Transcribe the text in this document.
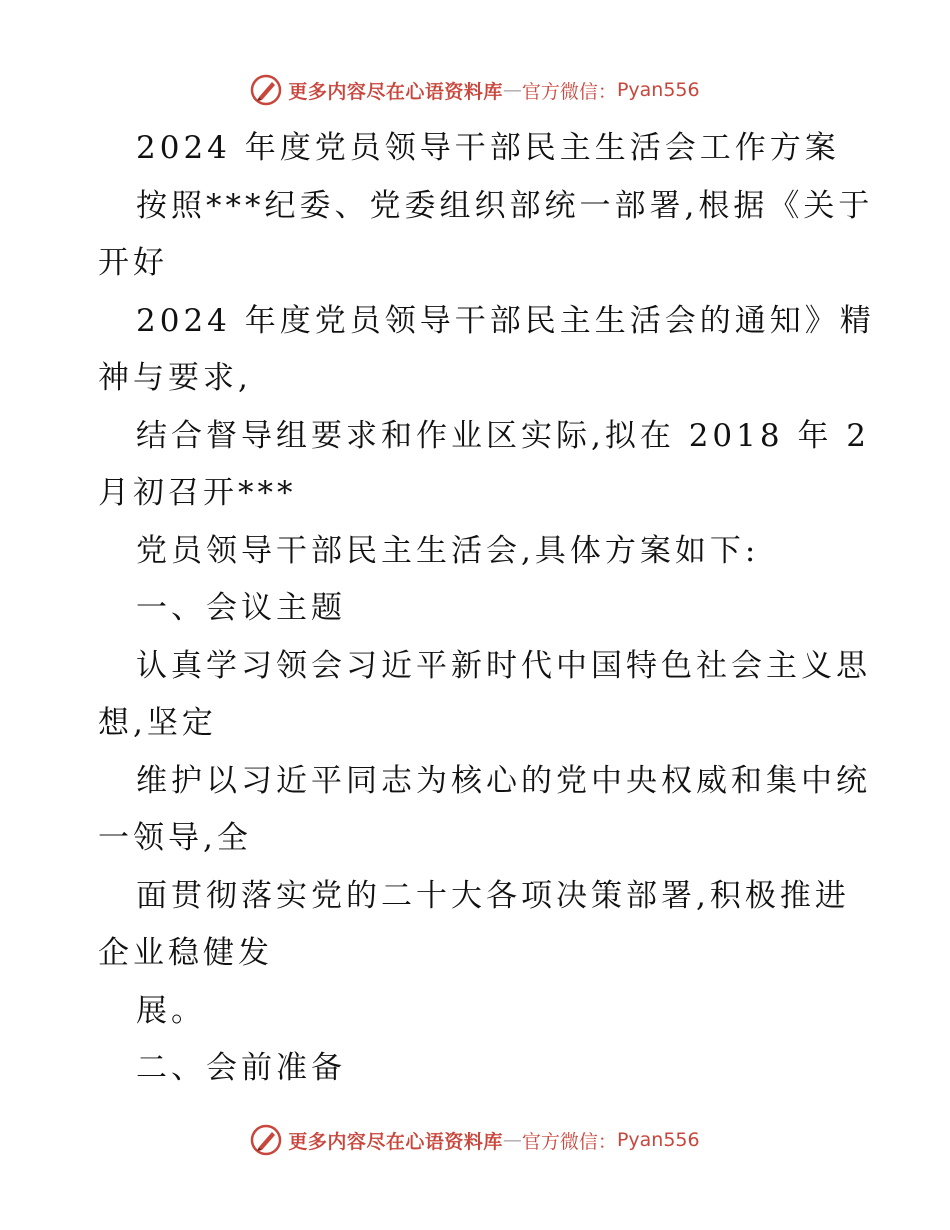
更多内容尽在心语资料库 — 官方微信： Pyan556
2024 年度党员领导干部民主生活会工作方案
按照***纪委、党委组织部统一部署,根据《关于
开好
2024 年度党员领导干部民主生活会的通知》精
神与要求,
结合督导组要求和作业区实际,拟在 2018 年 2
月初召开***
党员领导干部民主生活会,具体方案如下:
一、会议主题
认真学习领会习近平新时代中国特色社会主义思
想,坚定
维护以习近平同志为核心的党中央权威和集中统
一领导,全
面贯彻落实党的二十大各项决策部署,积极推进
企业稳健发
展。
二、会前准备
更多内容尽在心语资料库 — 官方微信： Pyan556
